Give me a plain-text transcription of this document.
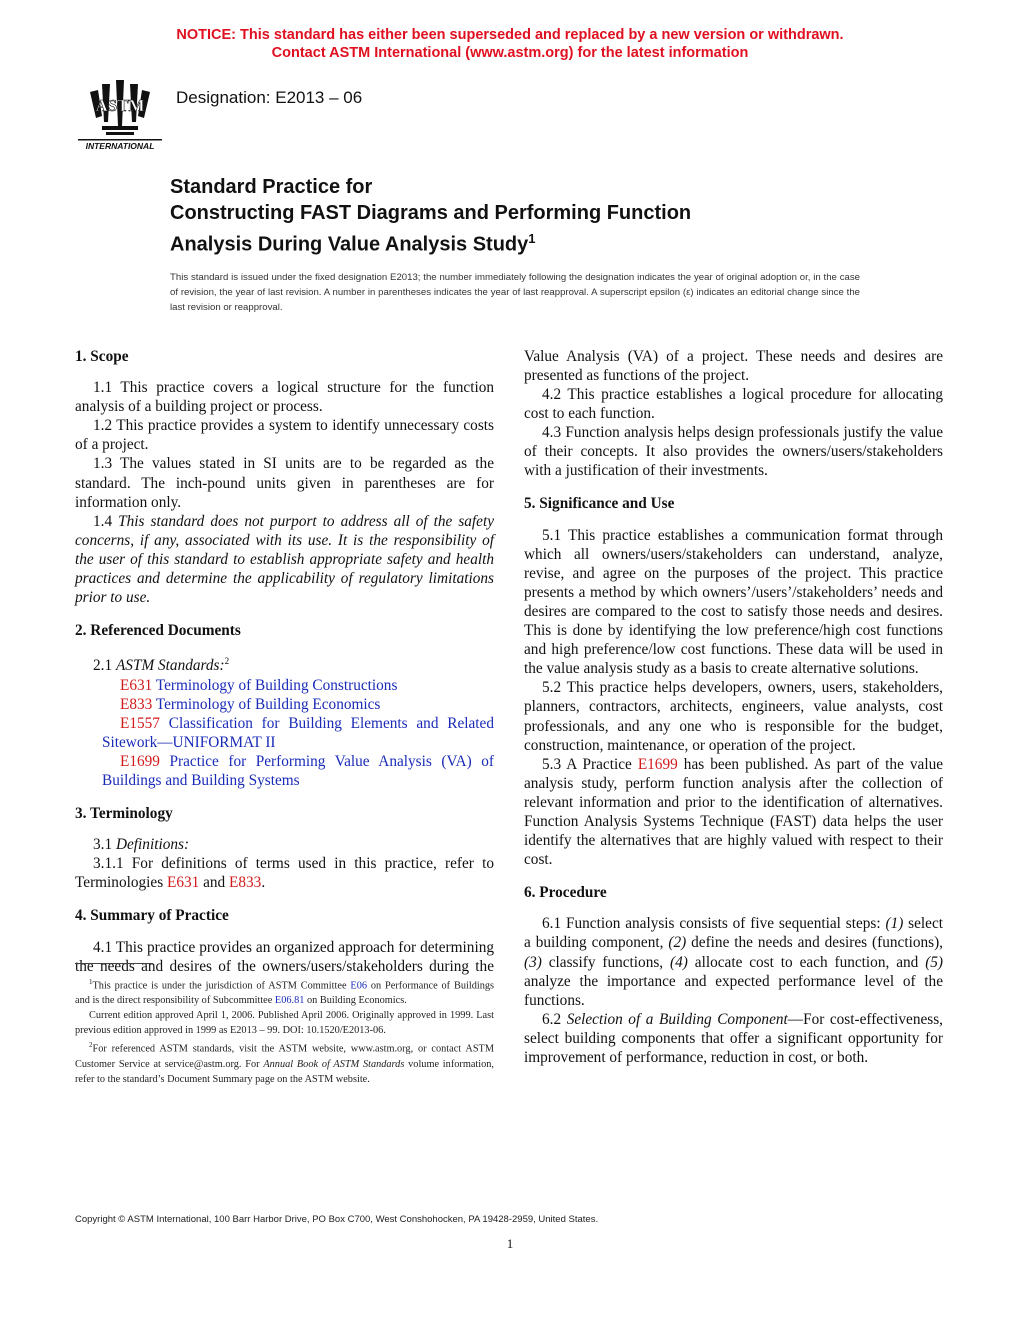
NOTICE: This standard has either been superseded and replaced by a new version or withdrawn.
Contact ASTM International (www.astm.org) for the latest information
ASTM
INTERNATIONAL
Designation: E2013 – 06
Standard Practice for
Constructing FAST Diagrams and Performing Function
Analysis During Value Analysis Study$^1$
This standard is issued under the fixed designation E2013; the number immediately following the designation indicates the year of original adoption or, in the case of revision, the year of last revision. A number in parentheses indicates the year of last reapproval. A superscript epsilon (ε) indicates an editorial change since the last revision or reapproval.
1. Scope

1.1 This practice covers a logical structure for the function analysis of a building project or process.

1.2 This practice provides a system to identify unnecessary costs of a project.

1.3 The values stated in SI units are to be regarded as the standard. The inch-pound units given in parentheses are for information only.

1.4 This standard does not purport to address all of the safety concerns, if any, associated with its use. It is the responsibility of the user of this standard to establish appropriate safety and health practices and determine the applicability of regulatory limitations prior to use.

2. Referenced Documents

2.1 ASTM Standards:$^2$

E631 Terminology of Building Constructions

E833 Terminology of Building Economics

E1557 Classification for Building Elements and Related Sitework—UNIFORMAT II

E1699 Practice for Performing Value Analysis (VA) of Buildings and Building Systems

3. Terminology

3.1 Definitions:

3.1.1 For definitions of terms used in this practice, refer to Terminologies E631 and E833.

4. Summary of Practice

4.1 This practice provides an organized approach for determining the needs and desires of the owners/users/stakeholders during the

$^1$This practice is under the jurisdiction of ASTM Committee E06 on Performance of Buildings and is the direct responsibility of Subcommittee E06.81 on Building Economics.

Current edition approved April 1, 2006. Published April 2006. Originally approved in 1999. Last previous edition approved in 1999 as E2013 – 99. DOI: 10.1520/E2013-06.

$^2$For referenced ASTM standards, visit the ASTM website, www.astm.org, or contact ASTM Customer Service at service@astm.org. For Annual Book of ASTM Standards volume information, refer to the standard’s Document Summary page on the ASTM website.

Value Analysis (VA) of a project. These needs and desires are presented as functions of the project.

4.2 This practice establishes a logical procedure for allocating cost to each function.

4.3 Function analysis helps design professionals justify the value of their concepts. It also provides the owners/users/stakeholders with a justification of their investments.

5. Significance and Use

5.1 This practice establishes a communication format through which all owners/users/stakeholders can understand, analyze, revise, and agree on the purposes of the project. This practice presents a method by which owners’/users’/stakeholders’ needs and desires are compared to the cost to satisfy those needs and desires. This is done by identifying the low preference/high cost functions and high preference/low cost functions. These data will be used in the value analysis study as a basis to create alternative solutions.

5.2 This practice helps developers, owners, users, stakeholders, planners, contractors, architects, engineers, value analysts, cost professionals, and any one who is responsible for the budget, construction, maintenance, or operation of the project.

5.3 A Practice E1699 has been published. As part of the value analysis study, perform function analysis after the collection of relevant information and prior to the identification of alternatives. Function Analysis Systems Technique (FAST) data helps the user identify the alternatives that are highly valued with respect to their cost.

6. Procedure

6.1 Function analysis consists of five sequential steps: (1) select a building component, (2) define the needs and desires (functions), (3) classify functions, (4) allocate cost to each function, and (5) analyze the importance and expected performance level of the functions.

6.2 Selection of a Building Component—For cost-effectiveness, select building components that offer a significant opportunity for improvement of performance, reduction in cost, or both.

Copyright © ASTM International, 100 Barr Harbor Drive, PO Box C700, West Conshohocken, PA 19428-2959, United States.
1
